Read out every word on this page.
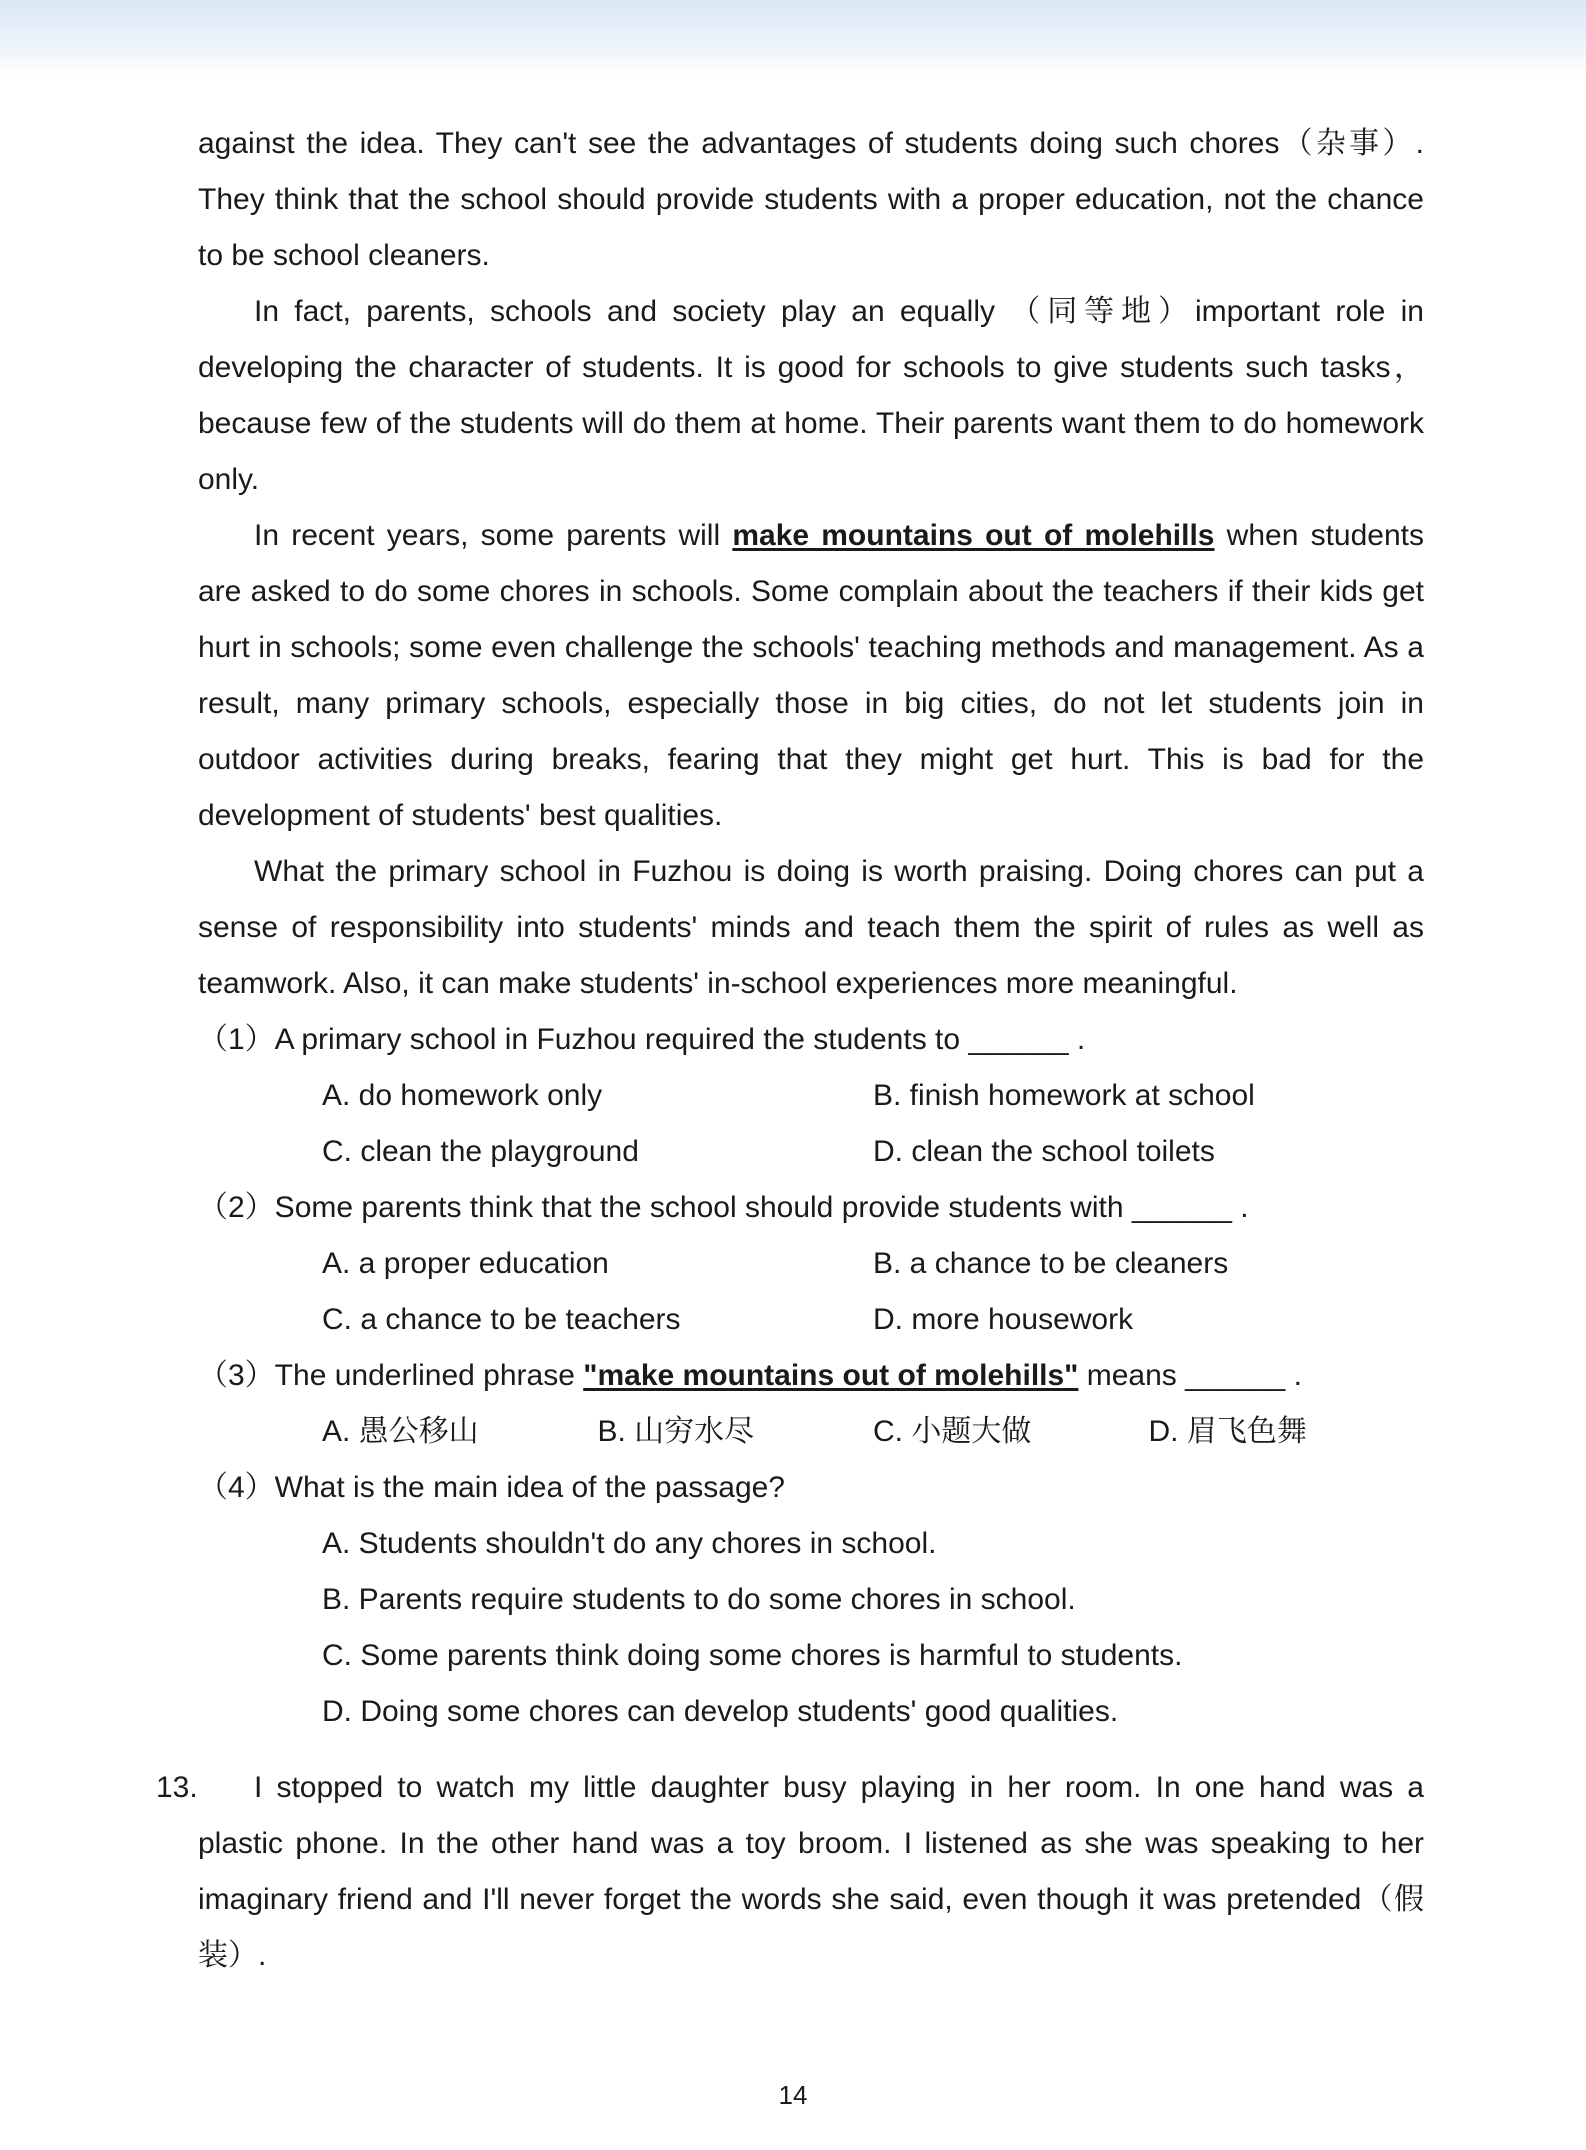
against the idea. They can't see the advantages of students doing such chores（杂事）. They think that the school should provide students with a proper education, not the chance to be school cleaners.

In fact, parents, schools and society play an equally （同等地）important role in developing the character of students. It is good for schools to give students such tasks，because few of the students will do them at home. Their parents want them to do homework only.

In recent years, some parents will make mountains out of molehills when students are asked to do some chores in schools. Some complain about the teachers if their kids get hurt in schools; some even challenge the schools' teaching methods and management. As a result, many primary schools, especially those in big cities, do not let students join in outdoor activities during breaks, fearing that they might get hurt. This is bad for the development of students' best qualities.

What the primary school in Fuzhou is doing is worth praising. Doing chores can put a sense of responsibility into students' minds and teach them the spirit of rules as well as teamwork. Also, it can make students' in-school experiences more meaningful.

（1）A primary school in Fuzhou required the students to ______ .
A. do homework only	B. finish homework at school
C. clean the playground	D. clean the school toilets
（2）Some parents think that the school should provide students with ______ .
A. a proper education	B. a chance to be cleaners
C. a chance to be teachers	D. more housework
（3）The underlined phrase "make mountains out of molehills" means ______ .
A. 愚公移山	B. 山穷水尽	C. 小题大做	D. 眉飞色舞
（4）What is the main idea of the passage?
A. Students shouldn't do any chores in school.
B. Parents require students to do some chores in school.
C. Some parents think doing some chores is harmful to students.
D. Doing some chores can develop students' good qualities.
13.	I stopped to watch my little daughter busy playing in her room. In one hand was a plastic phone. In the other hand was a toy broom. I listened as she was speaking to her imaginary friend and I'll never forget the words she said, even though it was pretended（假装）.

14
